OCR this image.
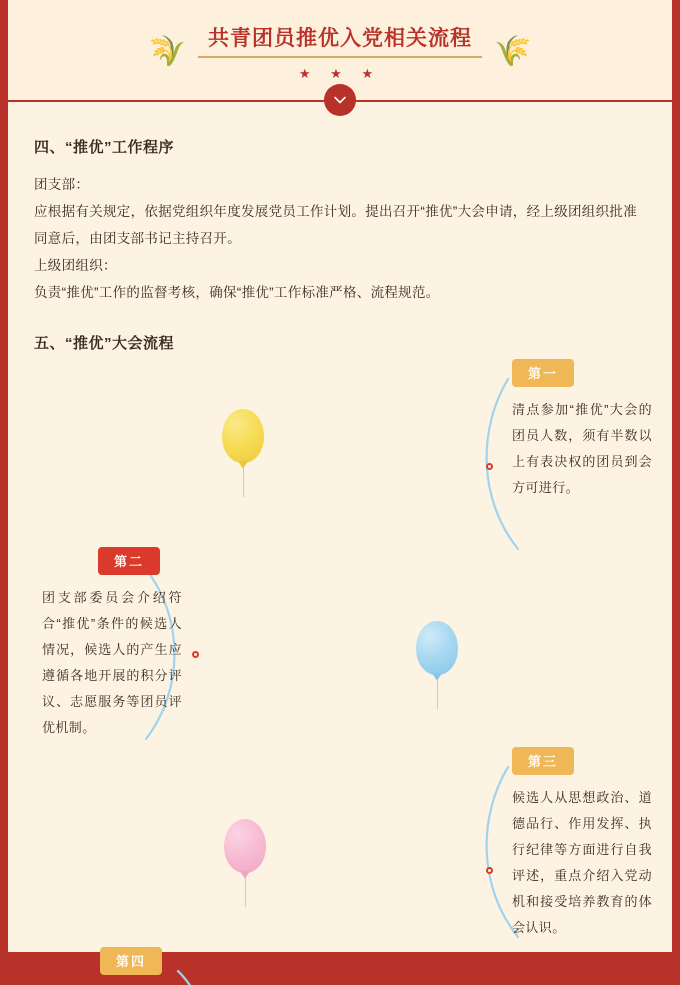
🌾	共青团员推优入党相关流程
★ ★ ★
🌾
四、“推优”工作程序

团支部：

应根据有关规定，依据党组织年度发展党员工作计划。提出召开“推优”大会申请，经上级团组织批准同意后，由团支部书记主持召开。

上级团组织：

负责“推优”工作的监督考核，确保“推优”工作标准严格、流程规范。

五、“推优”大会流程
第一
清点参加“推优”大会的团员人数，须有半数以上有表决权的团员到会方可进行。
第二
团支部委员会介绍符合“推优”条件的候选人情况，候选人的产生应遵循各地开展的积分评议、志愿服务等团员评优机制。
第三
候选人从思想政治、道德品行、作用发挥、执行纪律等方面进行自我评述，重点介绍入党动机和接受培养教育的体会认识。
第四
